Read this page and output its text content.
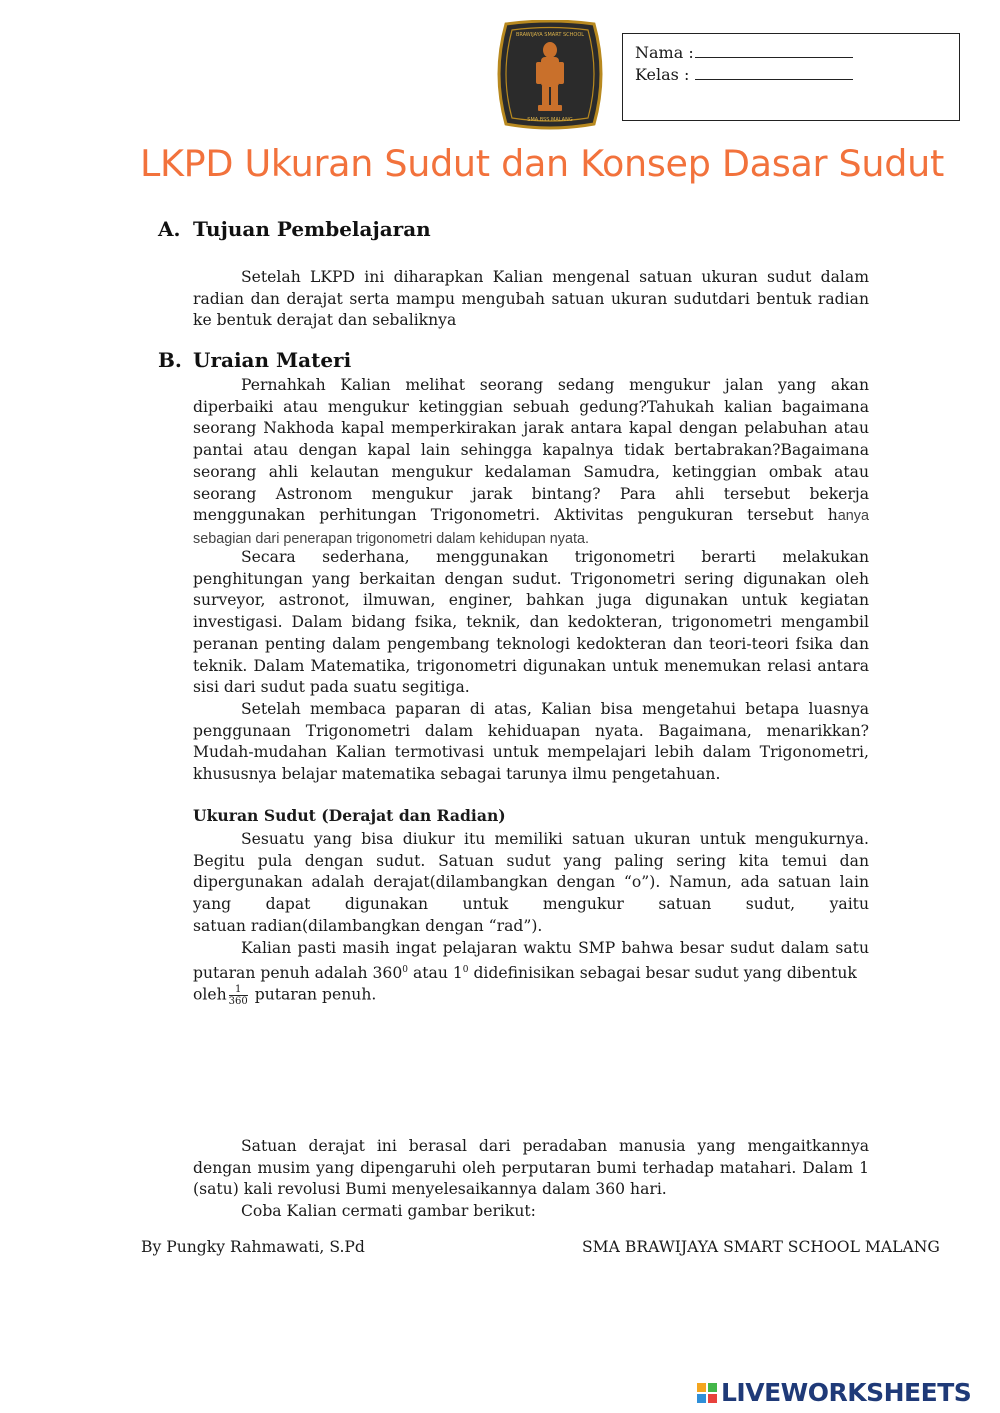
SMA BSS MALANG
BRAWIJAYA SMART SCHOOL
Nama :
Kelas :
LKPD Ukuran Sudut dan Konsep Dasar Sudut
A. Tujuan Pembelajaran

Setelah LKPD ini diharapkan Kalian mengenal satuan ukuran sudut dalam radian dan derajat serta mampu mengubah satuan ukuran sudutdari bentuk radian ke bentuk derajat dan sebaliknya

B. Uraian Materi

Pernahkah Kalian melihat seorang sedang mengukur jalan yang akan diperbaiki atau mengukur ketinggian sebuah gedung?Tahukah kalian bagaimana seorang Nakhoda kapal memperkirakan jarak antara kapal dengan pelabuhan atau pantai atau dengan kapal lain sehingga kapalnya tidak bertabrakan?Bagaimana seorang ahli kelautan mengukur kedalaman Samudra, ketinggian ombak atau seorang Astronom mengukur jarak bintang? Para ahli tersebut bekerja menggunakan perhitungan Trigonometri. Aktivitas pengukuran tersebut hanya sebagian dari penerapan trigonometri dalam kehidupan nyata.

Secara sederhana, menggunakan trigonometri berarti melakukan penghitungan yang berkaitan dengan sudut. Trigonometri sering digunakan oleh surveyor, astronot, ilmuwan, enginer, bahkan juga digunakan untuk kegiatan investigasi. Dalam bidang fsika, teknik, dan kedokteran, trigonometri mengambil peranan penting dalam pengembang teknologi kedokteran dan teori-teori fsika dan teknik. Dalam Matematika, trigonometri digunakan untuk menemukan relasi antara sisi dari sudut pada suatu segitiga.

Setelah membaca paparan di atas, Kalian bisa mengetahui betapa luasnya penggunaan Trigonometri dalam kehiduapan nyata. Bagaimana, menarikkan? Mudah-mudahan Kalian termotivasi untuk mempelajari lebih dalam Trigonometri, khususnya belajar matematika sebagai tarunya ilmu pengetahuan.

Ukuran Sudut (Derajat dan Radian)

Sesuatu yang bisa diukur itu memiliki satuan ukuran untuk mengukurnya. Begitu pula dengan sudut. Satuan sudut yang paling sering kita temui dan dipergunakan adalah derajat(dilambangkan dengan “o”). Namun, ada satuan lain yang dapat digunakan untuk mengukur satuan sudut, yaitu

satuan radian(dilambangkan dengan “rad”).

Kalian pasti masih ingat pelajaran waktu SMP bahwa besar sudut dalam satu putaran penuh adalah $360^0$ atau $1^0$ didefinisikan sebagai besar sudut yang dibentuk

oleh $\frac{1}{360}$ putaran penuh.

Satuan derajat ini berasal dari peradaban manusia yang mengaitkannya dengan musim yang dipengaruhi oleh perputaran bumi terhadap matahari. Dalam 1 (satu) kali revolusi Bumi menyelesaikannya dalam 360 hari.

Coba Kalian cermati gambar berikut:

By Pungky Rahmawati, S.Pd	SMA BRAWIJAYA SMART SCHOOL MALANG
LIVEWORKSHEETS
